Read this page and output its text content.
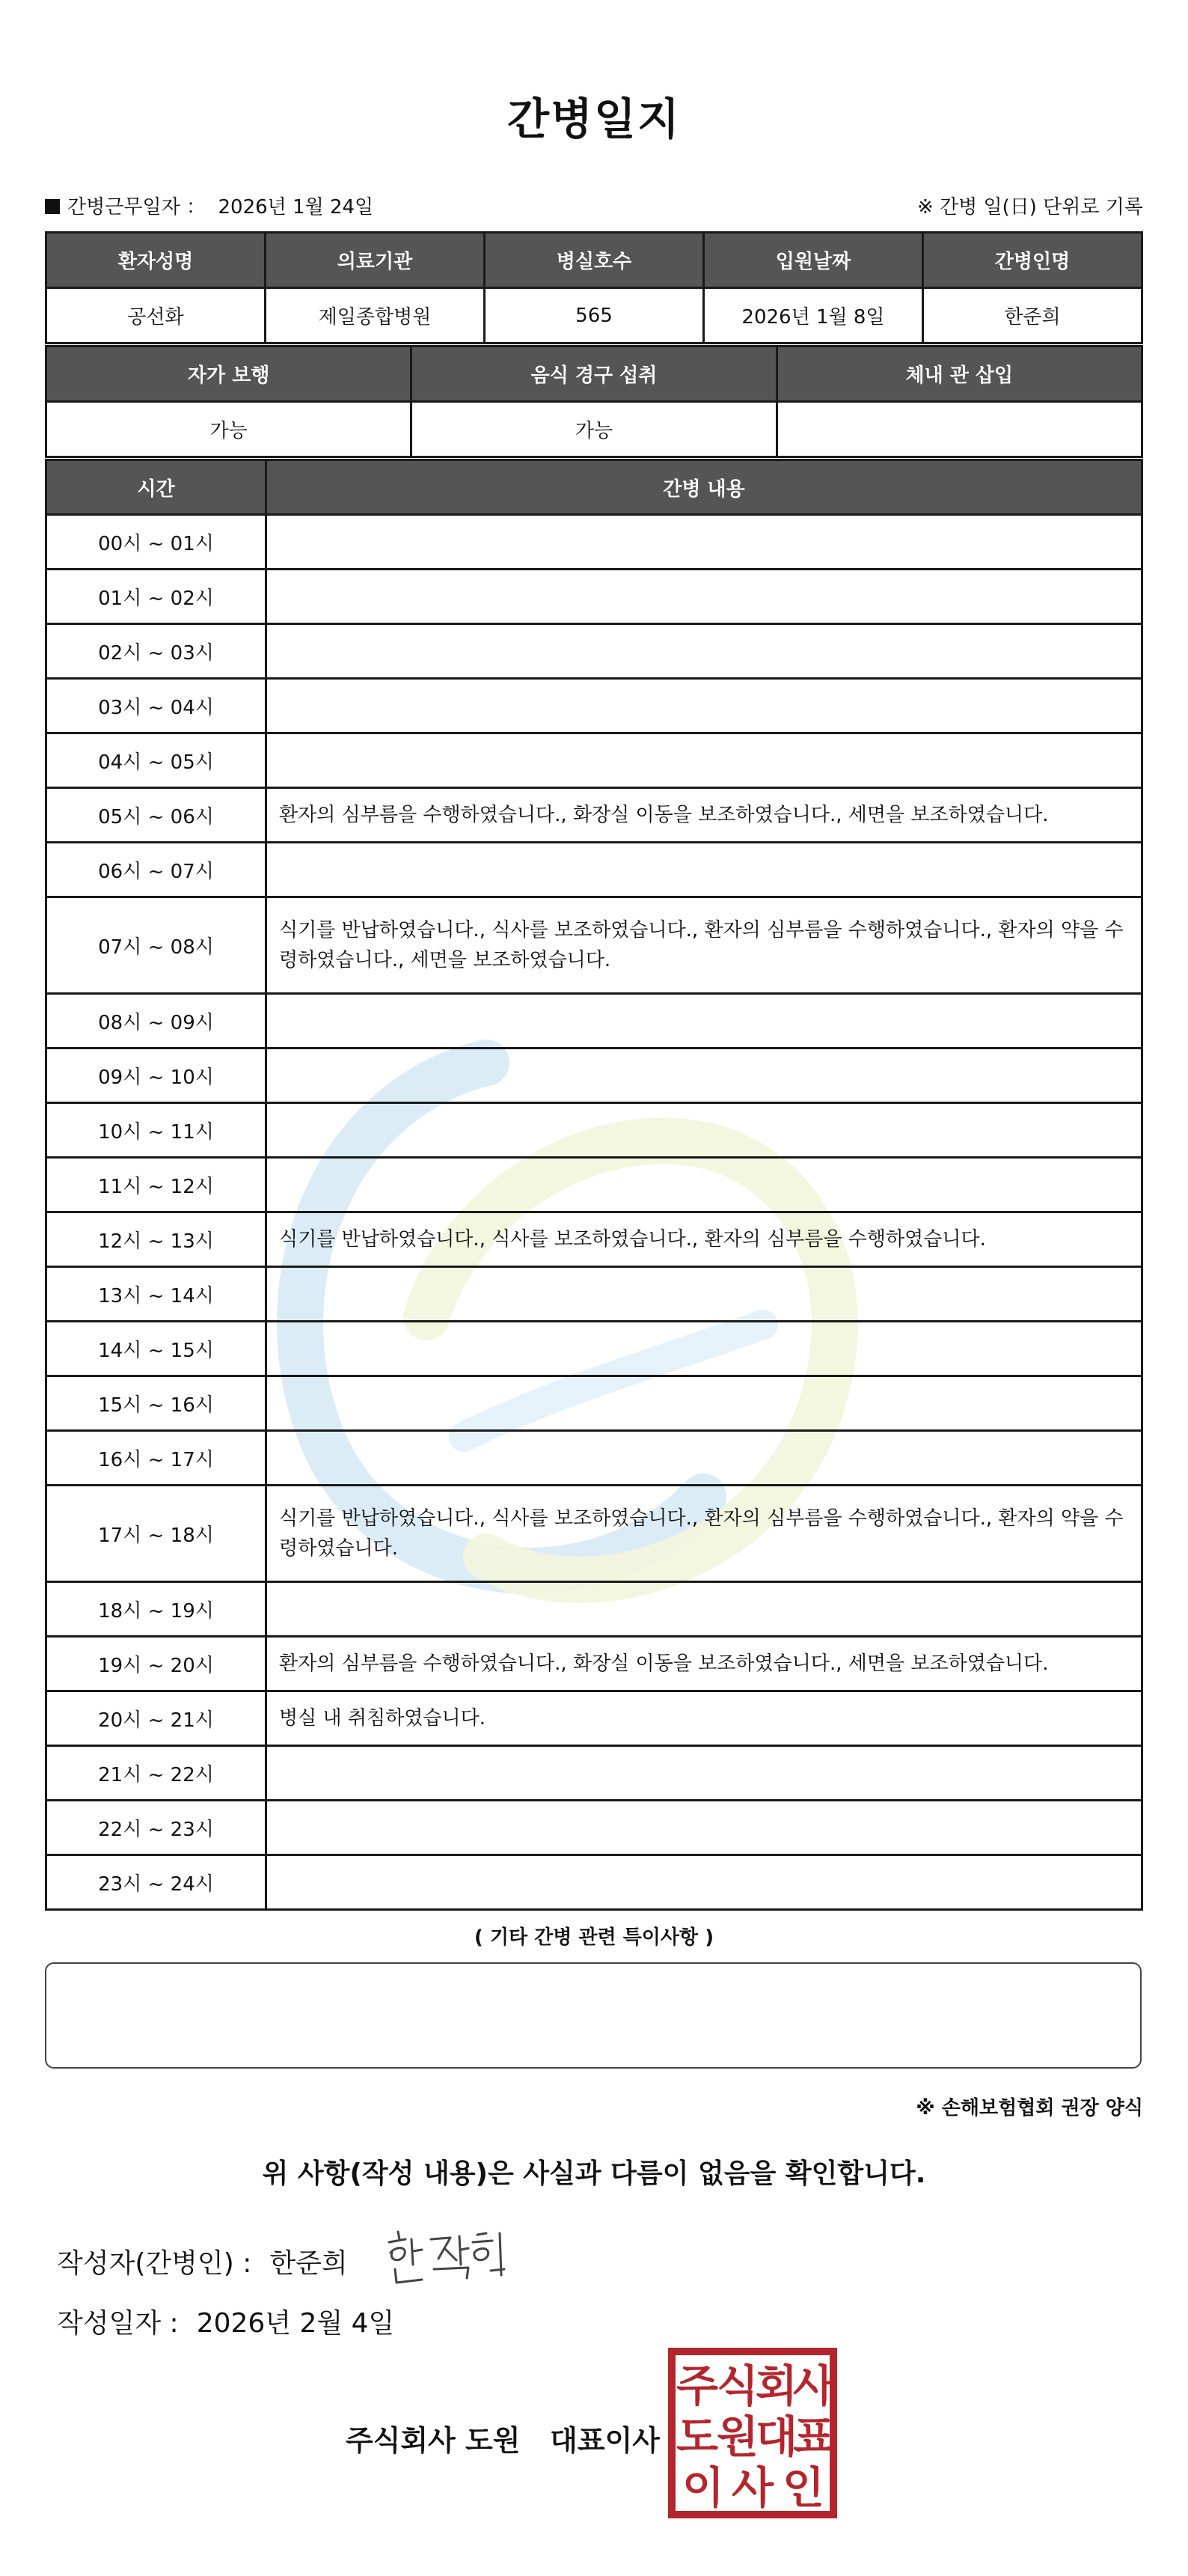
간병일지
간병근무일자 ： 2026년 1월 24일	※ 간병 일(日) 단위로 기록
환자성명	의료기관	병실호수	입원날짜	간병인명
공선화	제일종합병원	565	2026년 1월 8일	한준희
자가 보행	음식 경구 섭취	체내 관 삽입
가능	가능	
시간	간병 내용
00시 ~ 01시	
01시 ~ 02시	
02시 ~ 03시	
03시 ~ 04시	
04시 ~ 05시	
05시 ~ 06시	환자의 심부름을 수행하였습니다., 화장실 이동을 보조하였습니다., 세면을 보조하였습니다.
06시 ~ 07시	
07시 ~ 08시	식기를 반납하였습니다., 식사를 보조하였습니다., 환자의 심부름을 수행하였습니다., 환자의 약을 수령하였습니다., 세면을 보조하였습니다.
08시 ~ 09시	
09시 ~ 10시	
10시 ~ 11시	
11시 ~ 12시	
12시 ~ 13시	식기를 반납하였습니다., 식사를 보조하였습니다., 환자의 심부름을 수행하였습니다.
13시 ~ 14시	
14시 ~ 15시	
15시 ~ 16시	
16시 ~ 17시	
17시 ~ 18시	식기를 반납하였습니다., 식사를 보조하였습니다., 환자의 심부름을 수행하였습니다., 환자의 약을 수령하였습니다.
18시 ~ 19시	
19시 ~ 20시	환자의 심부름을 수행하였습니다., 화장실 이동을 보조하였습니다., 세면을 보조하였습니다.
20시 ~ 21시	병실 내 취침하였습니다.
21시 ~ 22시	
22시 ~ 23시	
23시 ~ 24시	
( 기타 간병 관련 특이사항 )
※ 손해보험협회 권장 양식
위 사항(작성 내용)은 사실과 다름이 없음을 확인합니다.
작성자(간병인) : 한준희
작성일자 : 2026년 2월 4일
주식회사 도원   대표이사
주
식
회
사
도
원
대
표
이 사 인
